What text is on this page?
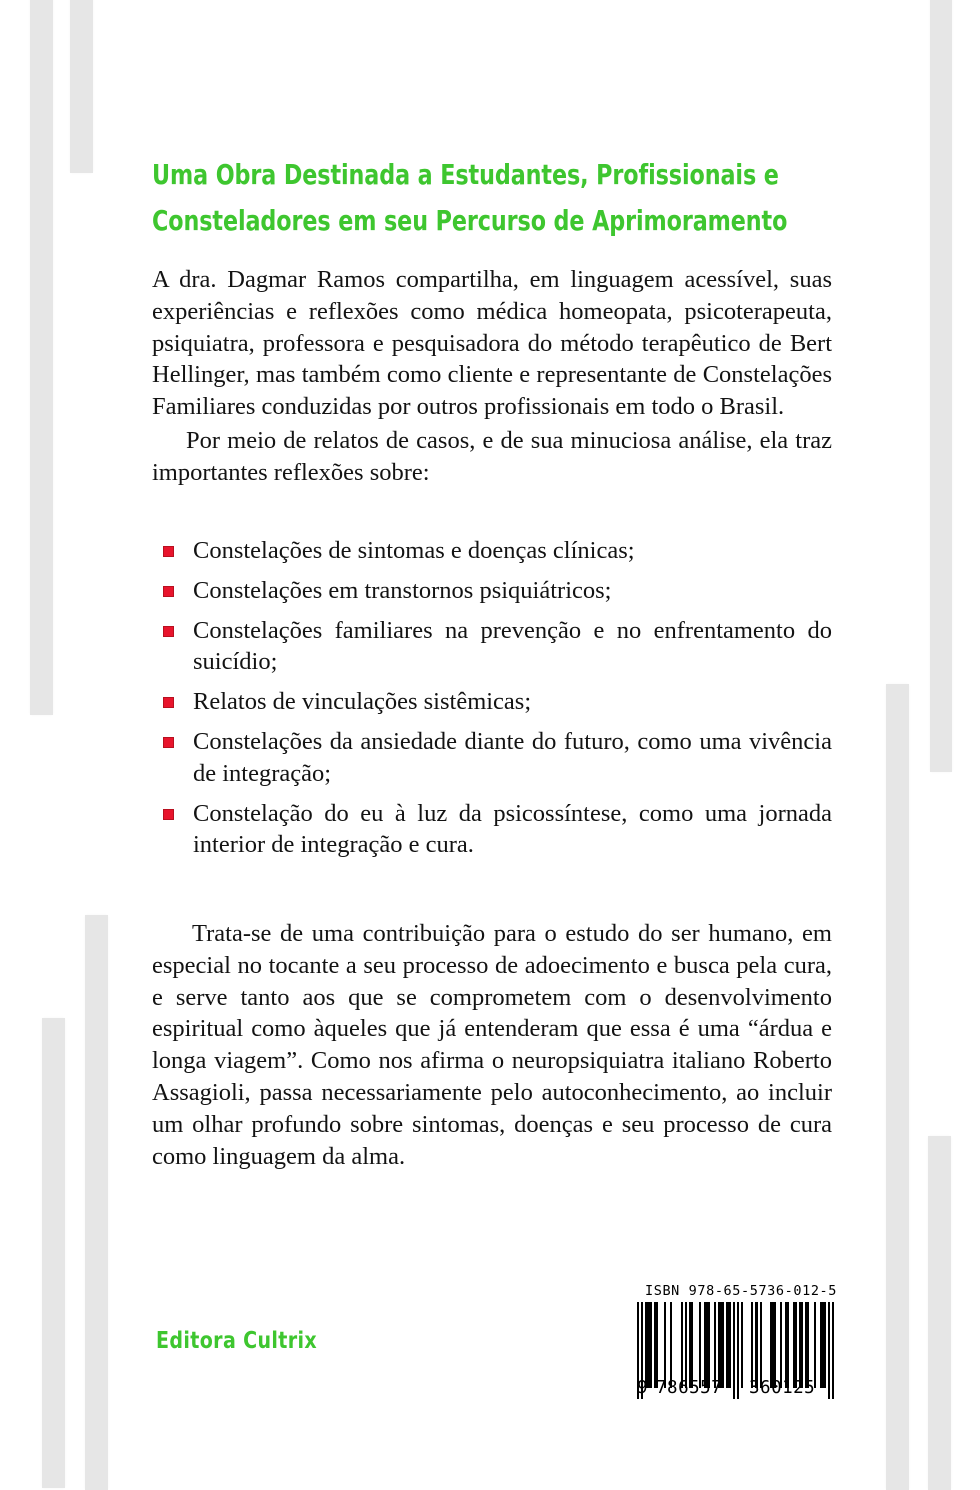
Uma Obra Destinada a Estudantes, Profissionais e
Consteladores em seu Percurso de Aprimoramento

A dra. Dagmar Ramos compartilha, em linguagem acessível, suas experiências e reflexões como médica homeopata, psicoterapeuta, psiquiatra, professora e pesquisadora do método terapêutico de Bert Hellinger, mas também como cliente e representante de Constelações Familiares conduzidas por outros profissionais em todo o Brasil.

Por meio de relatos de casos, e de sua minuciosa análise, ela traz importantes reflexões sobre:

Constelações de sintomas e doenças clínicas;
Constelações em transtornos psiquiátricos;
Constelações familiares na prevenção e no enfrentamento do suicídio;
Relatos de vinculações sistêmicas;
Constelações da ansiedade diante do futuro, como uma vivência de integração;
Constelação do eu à luz da psicossíntese, como uma jornada interior de integração e cura.

Trata-se de uma contribuição para o estudo do ser humano, em especial no tocante a seu processo de adoecimento e busca pela cura, e serve tanto aos que se comprometem com o desenvolvimento espiritual como àqueles que já entenderam que essa é uma “árdua e longa viagem”. Como nos afirma o neuropsiquiatra italiano Roberto Assagioli, passa necessariamente pelo autoconhecimento, ao incluir um olhar profundo sobre sintomas, doenças e seu processo de cura como linguagem da alma.

Editora Cultrix
ISBN 978-65-5736-012-5
9 786557 360125
